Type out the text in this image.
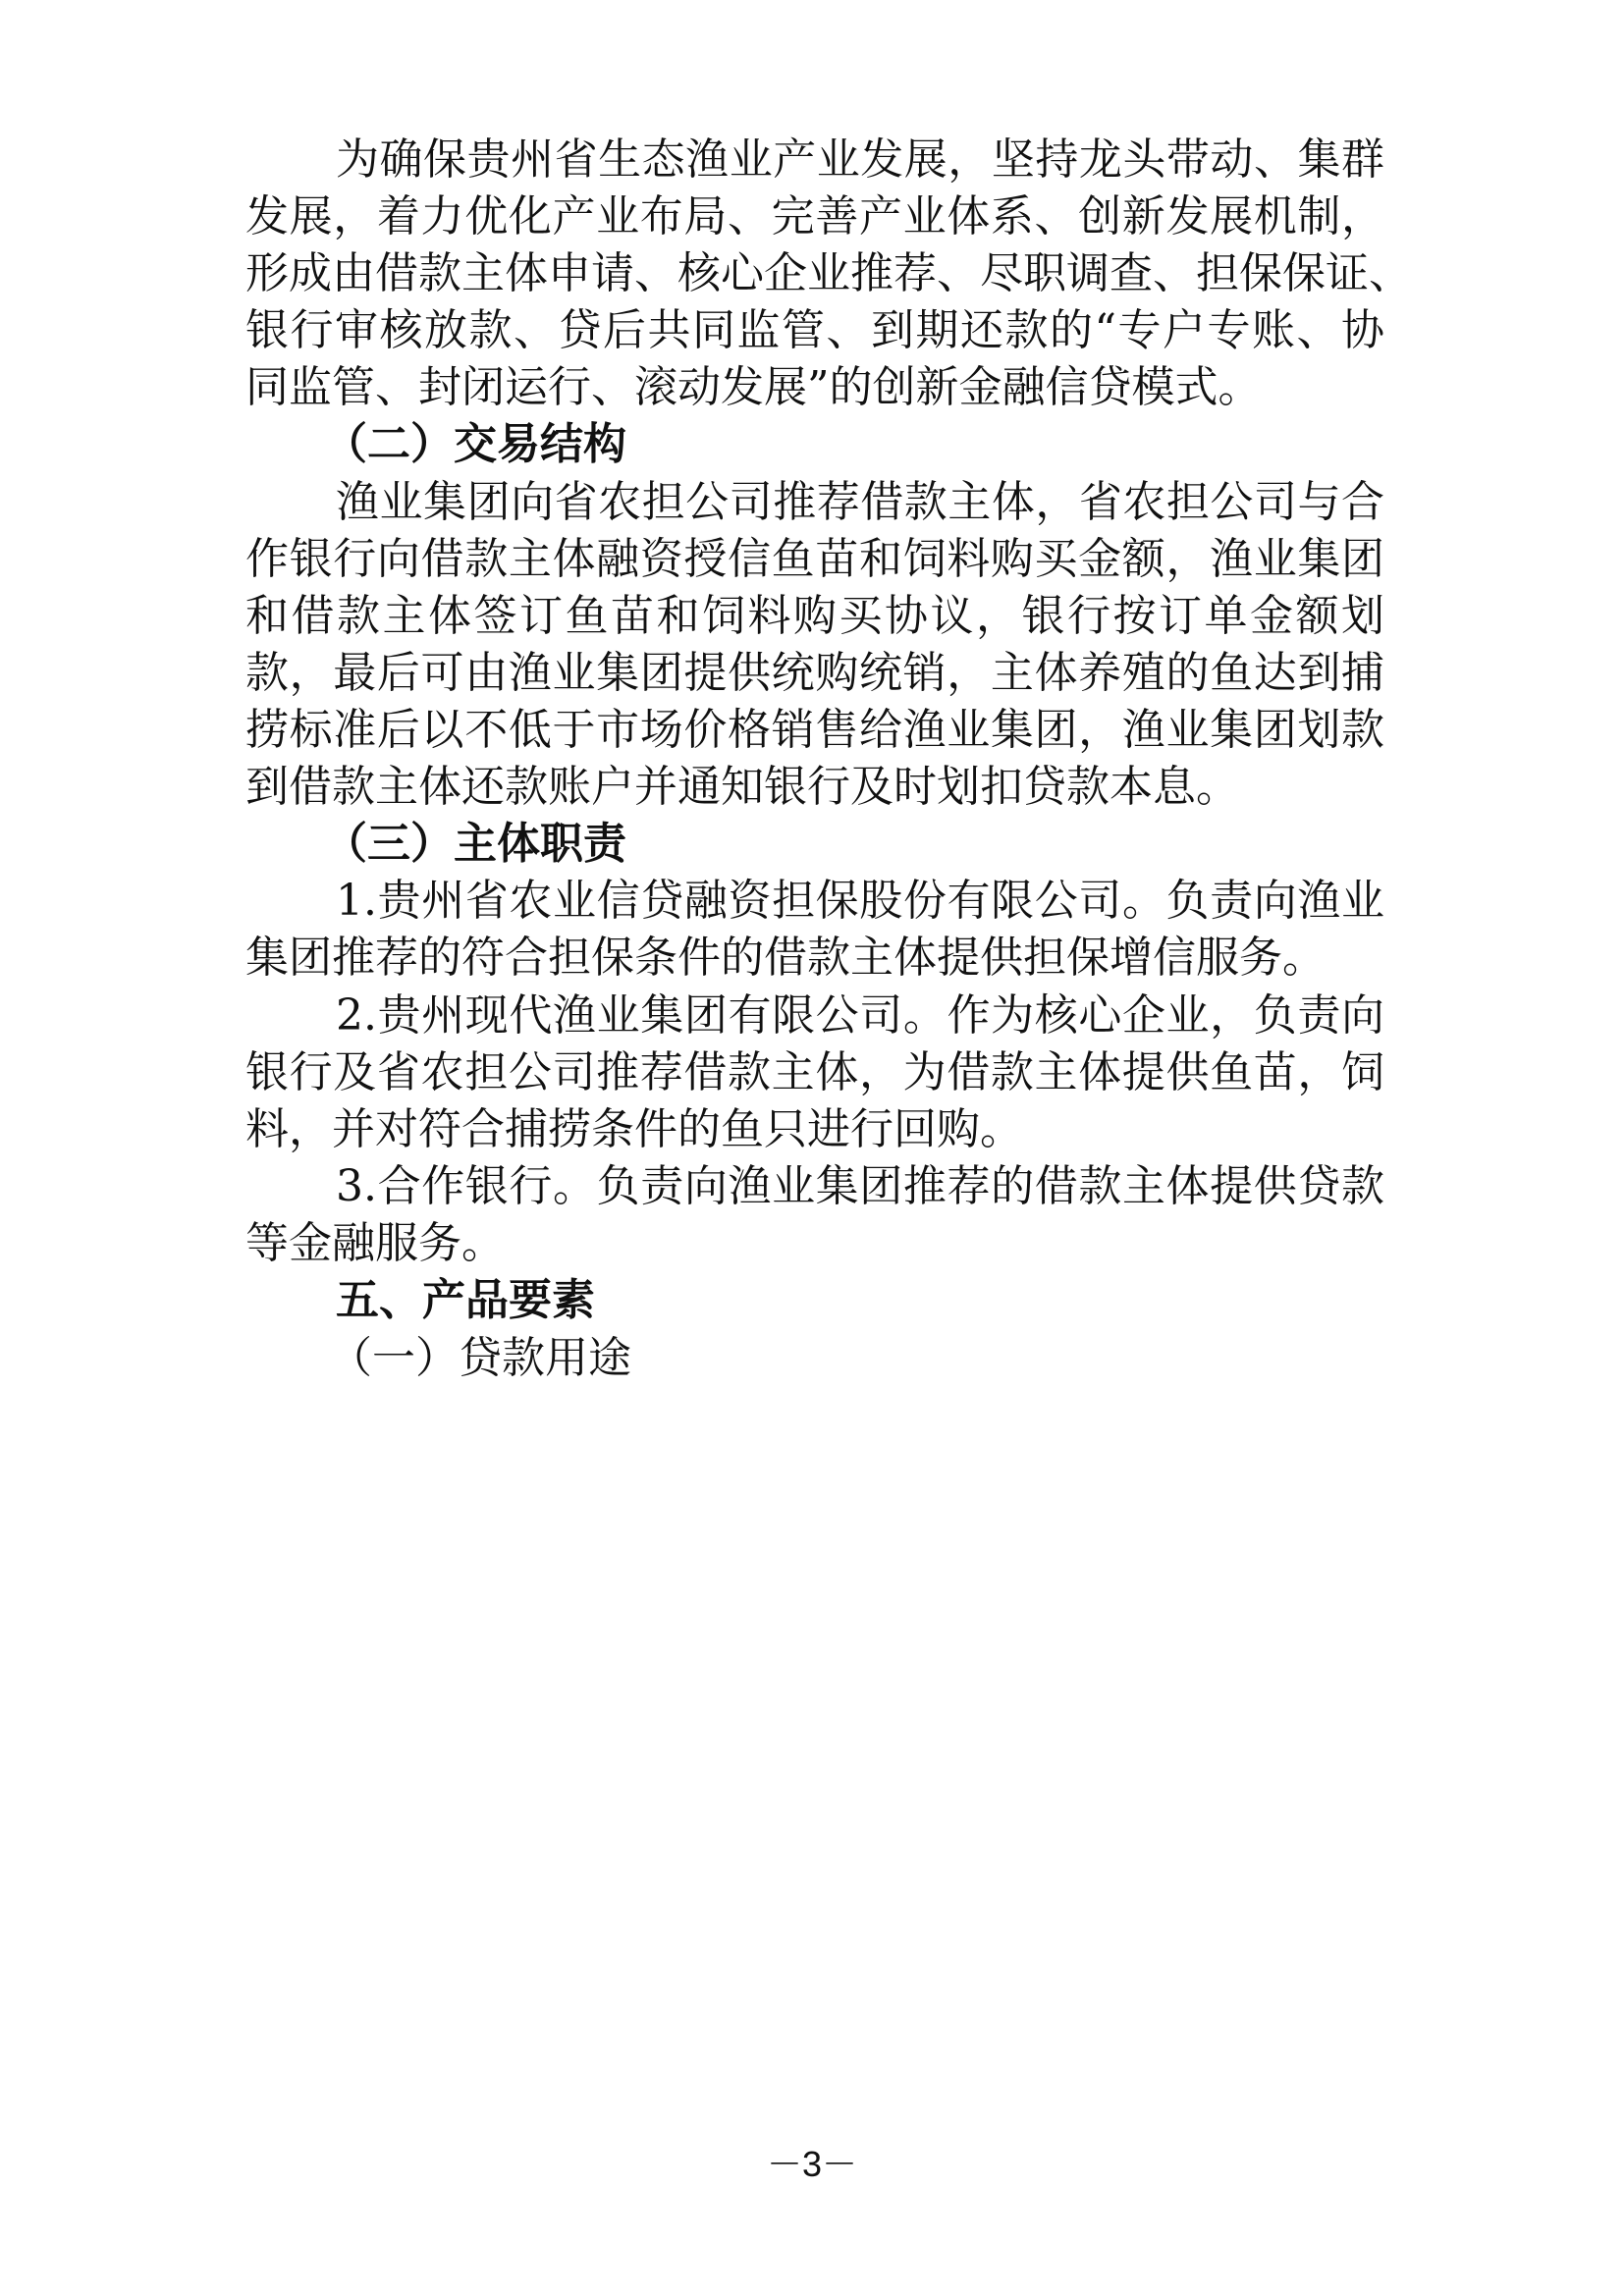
为确保贵州省生态渔业产业发展，坚持龙头带动、集群
发展，着力优化产业布局、完善产业体系、创新发展机制，
形成由借款主体申请、核心企业推荐、尽职调查、担保保证、
银行审核放款、贷后共同监管、到期还款的“专户专账、协
同监管、封闭运行、滚动发展”的创新金融信贷模式。
（二）交易结构
渔业集团向省农担公司推荐借款主体，省农担公司与合
作银行向借款主体融资授信鱼苗和饲料购买金额，渔业集团
和借款主体签订鱼苗和饲料购买协议，银行按订单金额划
款，最后可由渔业集团提供统购统销，主体养殖的鱼达到捕
捞标准后以不低于市场价格销售给渔业集团，渔业集团划款
到借款主体还款账户并通知银行及时划扣贷款本息。
（三）主体职责
1.贵州省农业信贷融资担保股份有限公司。负责向渔业
集团推荐的符合担保条件的借款主体提供担保增信服务。
2.贵州现代渔业集团有限公司。作为核心企业，负责向
银行及省农担公司推荐借款主体，为借款主体提供鱼苗，饲
料，并对符合捕捞条件的鱼只进行回购。
3.合作银行。负责向渔业集团推荐的借款主体提供贷款
等金融服务。
五、产品要素
（一）贷款用途
－3－
